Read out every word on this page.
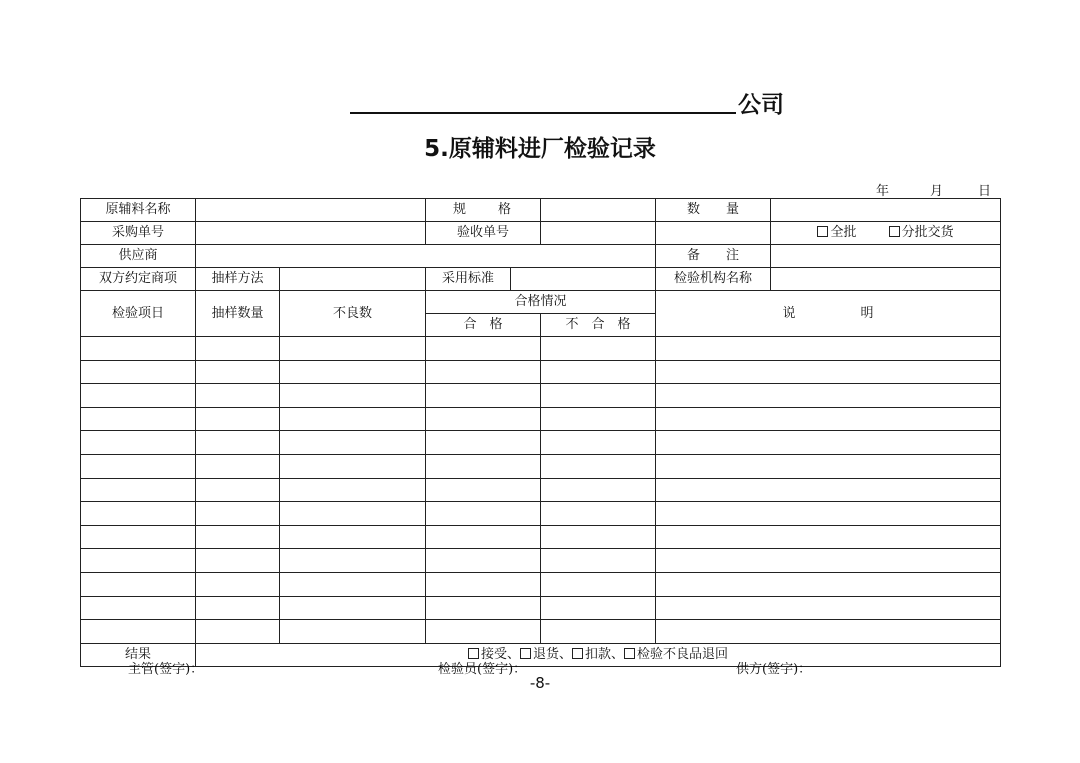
公司
5.原辅料进厂检验记录
年	月	日
原辅料名称			规　　格			数　　量	
采购单号			验收单号				全批 分批交货
供应商						备　　注	
双方约定商项	抽样方法		采用标准			检验机构名称	
检验项日	抽样数量	不良数	合格情况			说　　　　　明	
			合　格		不　合　格		

结果	接受、 退货、 扣款、 检验不良品退回						
主管(签字)：	检验员(签字)：	供方(签字)：
-8-
